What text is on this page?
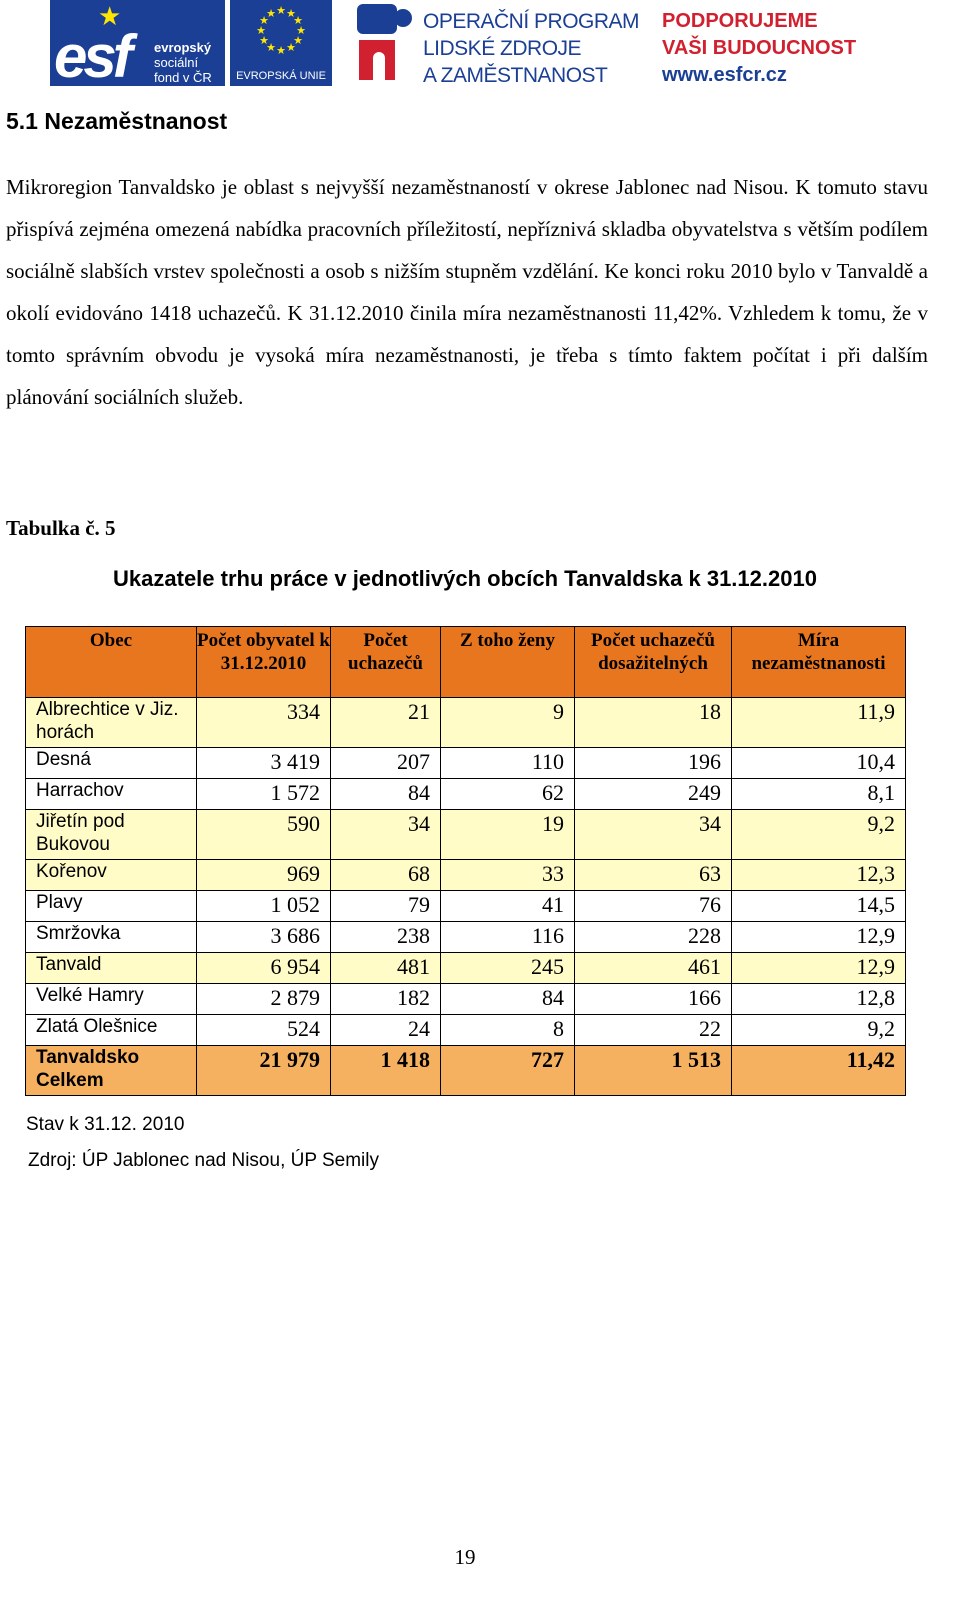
★
esf evropský
sociální
fond v ČR
★ ★
★
★
★
★
★
★
★
★
★
★
EVROPSKÁ UNIE
OPERAČNÍ PROGRAM
LIDSKÉ ZDROJE
A ZAMĚSTNANOST
PODPORUJEME
VAŠI BUDOUCNOST
www.esfcr.cz
5.1 Nezaměstnanost
Mikroregion Tanvaldsko je oblast s nejvyšší nezaměstnaností v okrese Jablonec nad Nisou. K tomuto stavu přispívá zejména omezená nabídka pracovních příležitostí, nepříznivá skladba obyvatelstva s větším podílem sociálně slabších vrstev společnosti a osob s nižším stupněm vzdělání. Ke konci roku 2010 bylo v Tanvaldě a okolí evidováno 1418 uchazečů. K 31.12.2010 činila míra nezaměstnanosti 11,42%. Vzhledem k tomu, že v tomto správním obvodu je vysoká míra nezaměstnanosti, je třeba s tímto faktem počítat i při dalším plánování sociálních služeb.
Tabulka č. 5
Ukazatele trhu práce v jednotlivých obcích Tanvaldska k 31.12.2010
Obec	Počet obyvatel k 31.12.2010	Počet uchazečů	Z toho ženy	Počet uchazečů dosažitelných	Míra nezaměstnanosti
Albrechtice v Jiz. horách	334	21	9	18	11,9
Desná	3 419	207	110	196	10,4
Harrachov	1 572	84	62	249	8,1
Jiřetín pod Bukovou	590	34	19	34	9,2
Kořenov	969	68	33	63	12,3
Plavy	1 052	79	41	76	14,5
Smržovka	3 686	238	116	228	12,9
Tanvald	6 954	481	245	461	12,9
Velké Hamry	2 879	182	84	166	12,8
Zlatá Olešnice	524	24	8	22	9,2
Tanvaldsko Celkem	21 979	1 418	727	1 513	11,42
Stav k 31.12. 2010
Zdroj: ÚP Jablonec nad Nisou, ÚP Semily
19
